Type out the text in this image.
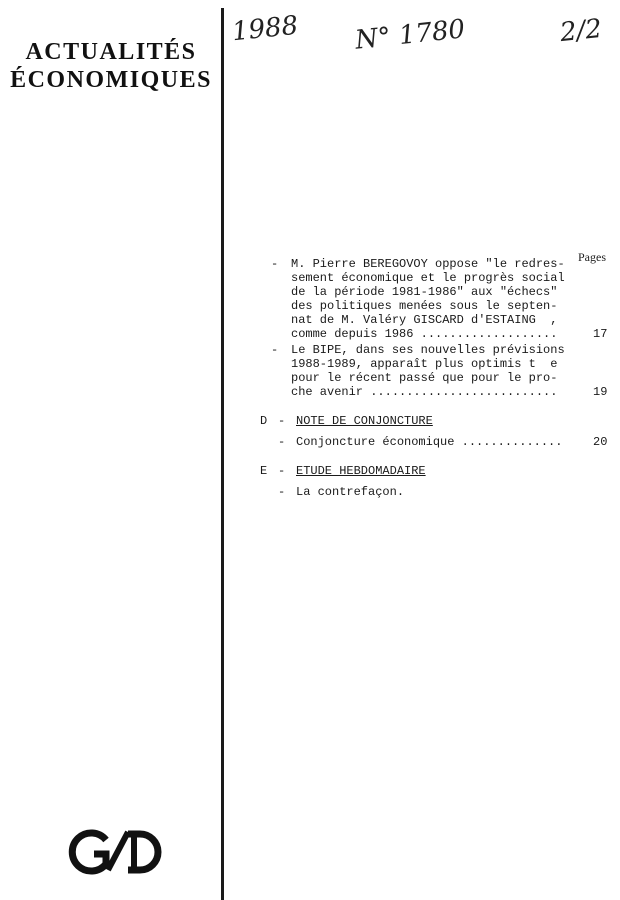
ACTUALITÉS
ÉCONOMIQUES
1988 N° 1780	2/2
Pages
- M. Pierre BEREGOVOY oppose "le redres-
sement économique et le progrès social
de la période 1981-1986" aux "échecs"
des politiques menées sous le septen-
nat de M. Valéry GISCARD d'ESTAING  ,
comme depuis 1986 ...................	17
- Le BIPE, dans ses nouvelles prévisions
1988-1989, apparaît plus optimis t  e
pour le récent passé que pour le pro-
che avenir ..........................	19
D - NOTE DE CONJONCTURE
- Conjoncture économique ..............	20
E - ETUDE HEBDOMADAIRE
- La contrefaçon.
